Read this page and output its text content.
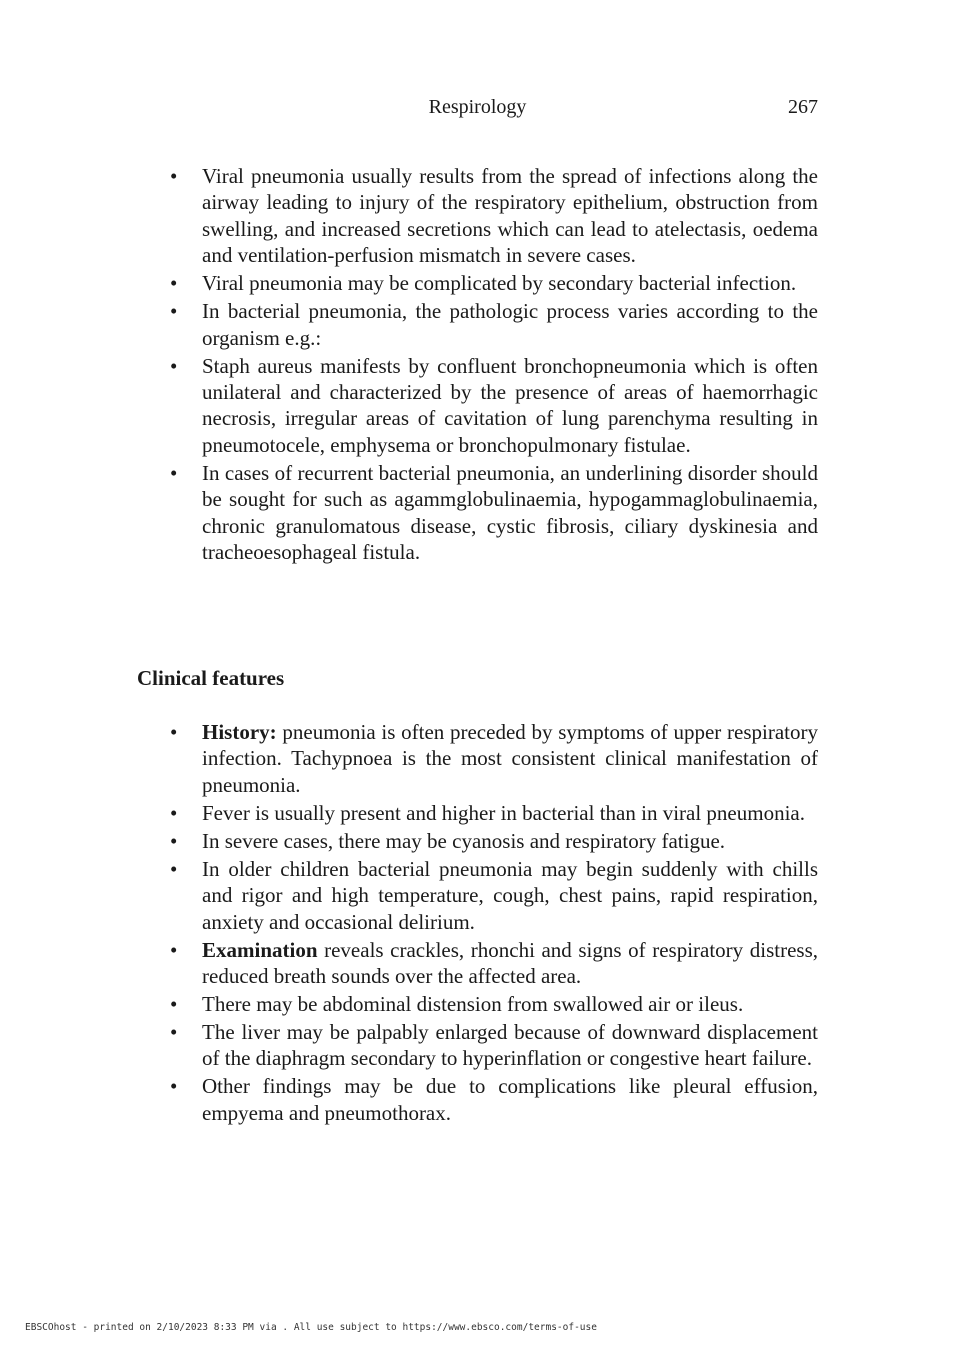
Respirology	267
• Viral pneumonia usually results from the spread of infections along the airway leading to injury of the respiratory epithelium, obstruction from swelling, and increased secretions which can lead to atelectasis, oedema and ventilation-perfusion mismatch in severe cases.
• Viral pneumonia may be complicated by secondary bacterial infection.
• In bacterial pneumonia, the pathologic process varies according to the organism e.g.:
• Staph aureus manifests by confluent bronchopneumonia which is often unilateral and characterized by the presence of areas of haemorrhagic necrosis, irregular areas of cavitation of lung parenchyma resulting in pneumotocele, emphysema or bronchopulmonary fistulae.
• In cases of recurrent bacterial pneumonia, an underlining disorder should be sought for such as agammglobulinaemia, hypogammaglobulinaemia, chronic granulomatous disease, cystic fibrosis, ciliary dyskinesia and tracheoesophageal fistula.
Clinical features
• History: pneumonia is often preceded by symptoms of upper respiratory infection. Tachypnoea is the most consistent clinical manifestation of pneumonia.
• Fever is usually present and higher in bacterial than in viral pneumonia.
• In severe cases, there may be cyanosis and respiratory fatigue.
• In older children bacterial pneumonia may begin suddenly with chills and rigor and high temperature, cough, chest pains, rapid respiration, anxiety and occasional delirium.
• Examination reveals crackles, rhonchi and signs of respiratory distress, reduced breath sounds over the affected area.
• There may be abdominal distension from swallowed air or ileus.
• The liver may be palpably enlarged because of downward displacement of the diaphragm secondary to hyperinflation or congestive heart failure.
• Other findings may be due to complications like pleural effusion, empyema and pneumothorax.
EBSCOhost - printed on 2/10/2023 8:33 PM via . All use subject to https://www.ebsco.com/terms-of-use
